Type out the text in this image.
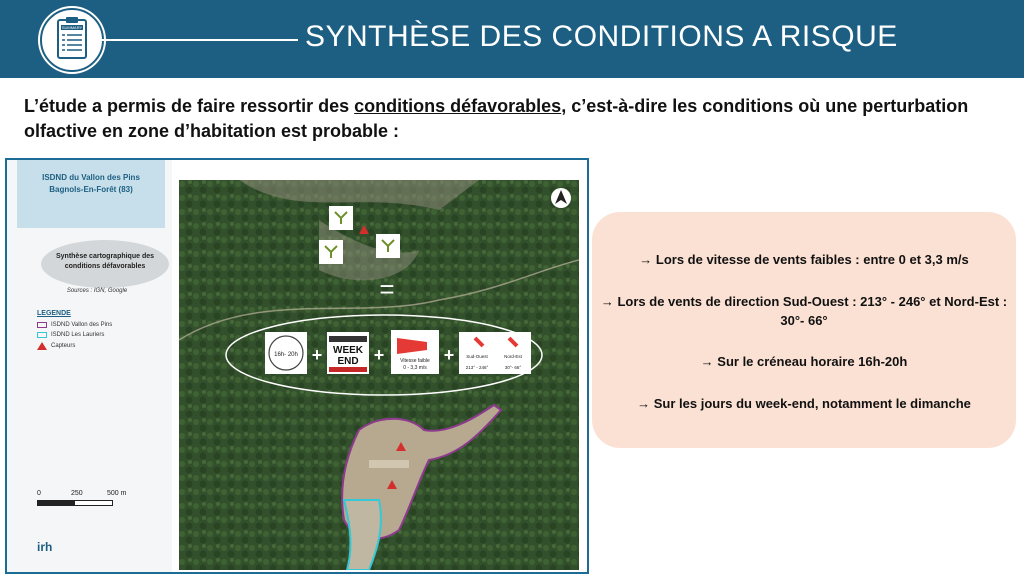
SUMMARY	SYNTHÈSE DES CONDITIONS A RISQUE
L’étude a permis de faire ressortir des conditions défavorables, c’est-à-dire les conditions où une perturbation olfactive en zone d’habitation est probable :
ISDND du Vallon des Pins
Bagnols-En-Forêt (83)
Synthèse cartographique des conditions défavorables
Sources : IGN, Google
LEGENDE
ISDND Vallon des Pins
ISDND Les Lauriers
Capteurs
0	250	500 m
irh
=
16h- 20h + WEEK
END +	Vitesse faible
0 - 3,3 m/s
+	Sud-Ouest	Nord-Est
213° - 246°	30°- 66°
→ Lors de vitesse de vents faibles : entre 0 et 3,3 m/s
→ Lors de vents de direction Sud-Ouest : 213° - 246° et Nord-Est : 30°- 66°
→ Sur le créneau horaire 16h-20h
→ Sur les jours du week-end, notamment le dimanche
